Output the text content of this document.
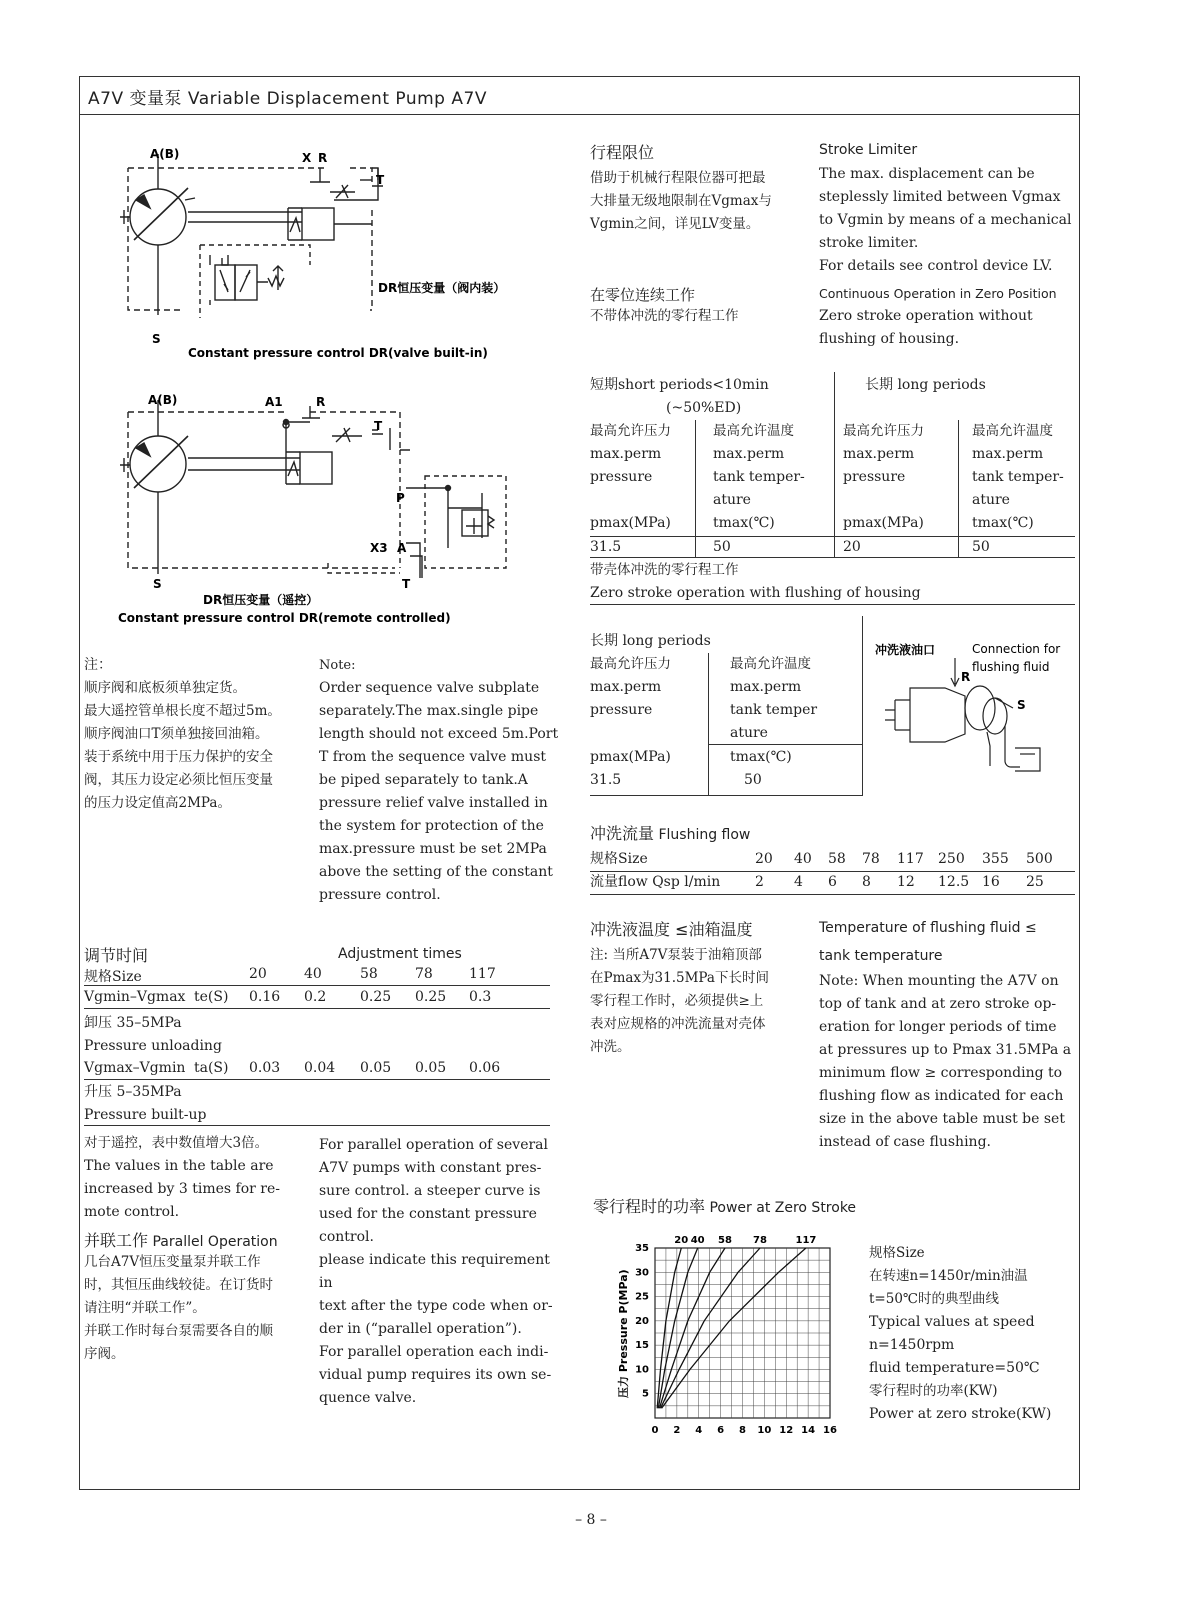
A7V 变量泵 Variable Displacement Pump A7V
A(B)	X R
T
S
DR恒压变量（阀内装）
Constant pressure control DR(valve built-in)
A(B)	A1	R
T
P
X3 A
T
S
DR恒压变量（遥控）
Constant pressure control DR(remote controlled)
注：
顺序阀和底板须单独定货。
最大遥控管单根长度不超过5m。
顺序阀油口T须单独接回油箱。
装于系统中用于压力保护的安全
阀，其压力设定必须比恒压变量
的压力设定值高2MPa。
Note:
Order sequence valve subplate
separately.The max.single pipe
length should not exceed 5m.Port
T from the sequence valve must
be piped separately to tank.A
pressure relief valve installed in
the system for protection of the
max.pressure must be set 2MPa
above the setting of the constant
pressure control.
调节时间	Adjustment times
规格Size	20	40	58	78	117
Vgmin–Vgmax te(S) 0.16 0.2 0.25 0.25 0.3
卸压 35–5MPa
Pressure unloading
Vgmax–Vgmin ta(S) 0.03 0.04 0.05 0.05 0.06
升压 5–35MPa
Pressure built-up
对于遥控，表中数值增大3倍。
The values in the table are
increased by 3 times for re-
mote control.
并联工作 Parallel Operation
几台A7V恒压变量泵并联工作
时，其恒压曲线较徒。在订货时
请注明“并联工作”。
并联工作时每台泵需要各自的顺
序阀。
For parallel operation of several
A7V pumps with constant pres-
sure control. a steeper curve is
used for the constant pressure
control.
please indicate this requirement in
text after the type code when or-
der in (“parallel operation”).
For parallel operation each indi-
vidual pump requires its own se-
quence valve.
行程限位
借助于机械行程限位器可把最
大排量无级地限制在Vgmax与
Vgmin之间，详见LV变量。
Stroke Limiter
The max. displacement can be
steplessly limited between Vgmax
to Vgmin by means of a mechanical
stroke limiter.
For details see control device LV.
在零位连续工作
不带体冲洗的零行程工作
Continuous Operation in Zero Position
Zero stroke operation without
flushing of housing.
短期short periods<10min
(~50%ED)
长期 long periods
最高允许压力
max.perm
pressure
最高允许温度
max.perm
tank temper-
ature
最高允许压力
max.perm
pressure
最高允许温度
max.perm
tank temper-
ature
pmax(MPa)	tmax(℃)	pmax(MPa)	tmax(℃)
31.5	50	20	50
带壳体冲洗的零行程工作
Zero stroke operation with flushing of housing
长期 long periods
最高允许压力
max.perm
pressure
最高允许温度
max.perm
tank temper
ature
pmax(MPa)	tmax(℃)
31.5	50
冲洗液油口	Connection for
flushing fluid
R
S
冲洗流量 Flushing flow
规格Size	20 40 58 78 117 250 355 500
流量flow Qsp l/min 2 4 6 8 12 12.5 16 25
冲洗液温度 ≤油箱温度
注: 当所A7V泵装于油箱顶部
在Pmax为31.5MPa下长时间
零行程工作时，必须提供≥上
表对应规格的冲洗流量对壳体
冲洗。
Temperature of flushing fluid ≤
tank temperature
Note: When mounting the A7V on
top of tank and at zero stroke op-
eration for longer periods of time
at pressures up to Pmax 31.5MPa a
minimum flow ≥ corresponding to
flushing flow as indicated for each
size in the above table must be set
instead of case flushing.
零行程时的功率 Power at Zero Stroke
压力 Pressure P(MPa)
20 40 58 78	117
0 2 4 6 8 10 12 14 16
5
10
15
20
25
30
35	规格Size
在转速n=1450r/min油温
t=50℃时的典型曲线
Typical values at speed
n=1450rpm
fluid temperature=50℃
零行程时的功率(KW)
Power at zero stroke(KW)
– 8 –
